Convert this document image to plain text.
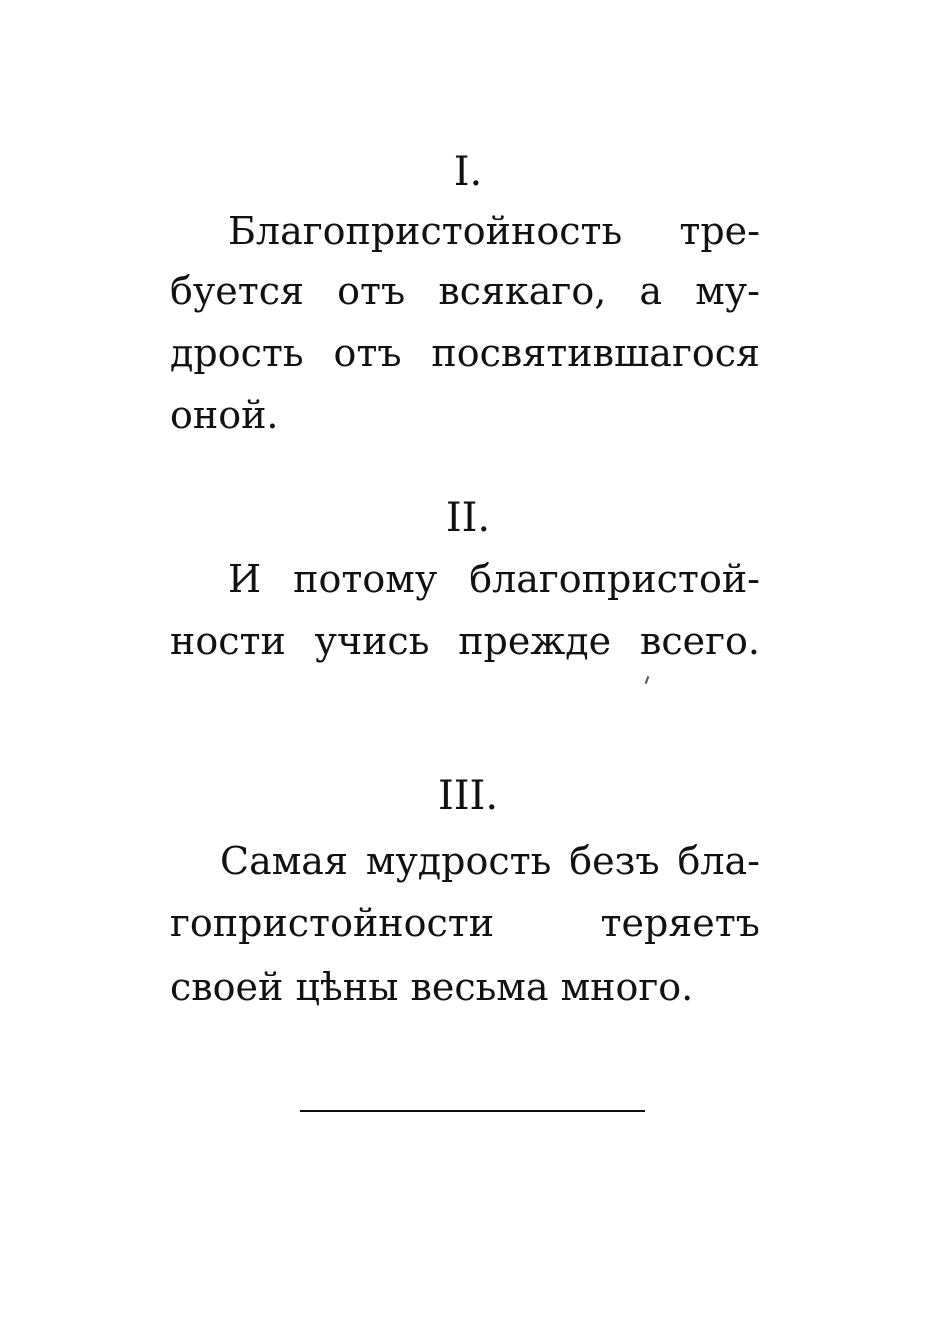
I.

Благопристойность тре-

буется отъ всякаго, а му-

дрость отъ посвятившагося

оной.

II.

И потому благопристой-

ности учись прежде всего.

III.

Самая мудрость безъ бла-

гопристойности теряетъ

своей цѣны весьма много.
